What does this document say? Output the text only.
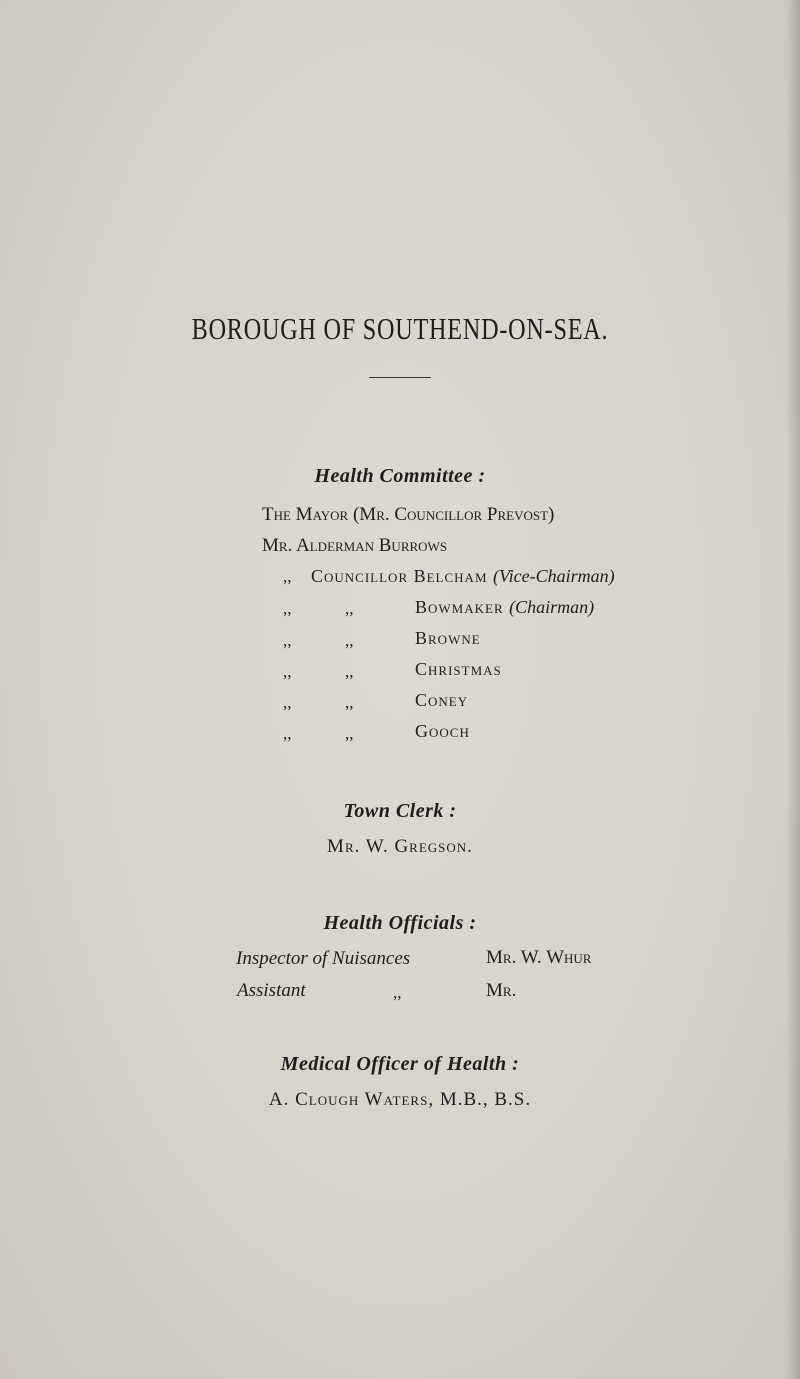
BOROUGH OF SOUTHEND-ON-SEA.
Health Committee :
The Mayor (Mr. Councillor Prevost)
Mr. Alderman Burrows
,, Councillor Belcham (Vice-Chairman)
,,	,,	Bowmaker (Chairman)
,,	,,	Browne
,,	,,	Christmas
,,	,,	Coney
,,	,,	Gooch
Town Clerk :
Mr. W. Gregson.
Health Officials :
Inspector of Nuisances	Mr. W. Whur
Assistant	,,	Mr.
Medical Officer of Health :
A. Clough Waters, M.B., B.S.
